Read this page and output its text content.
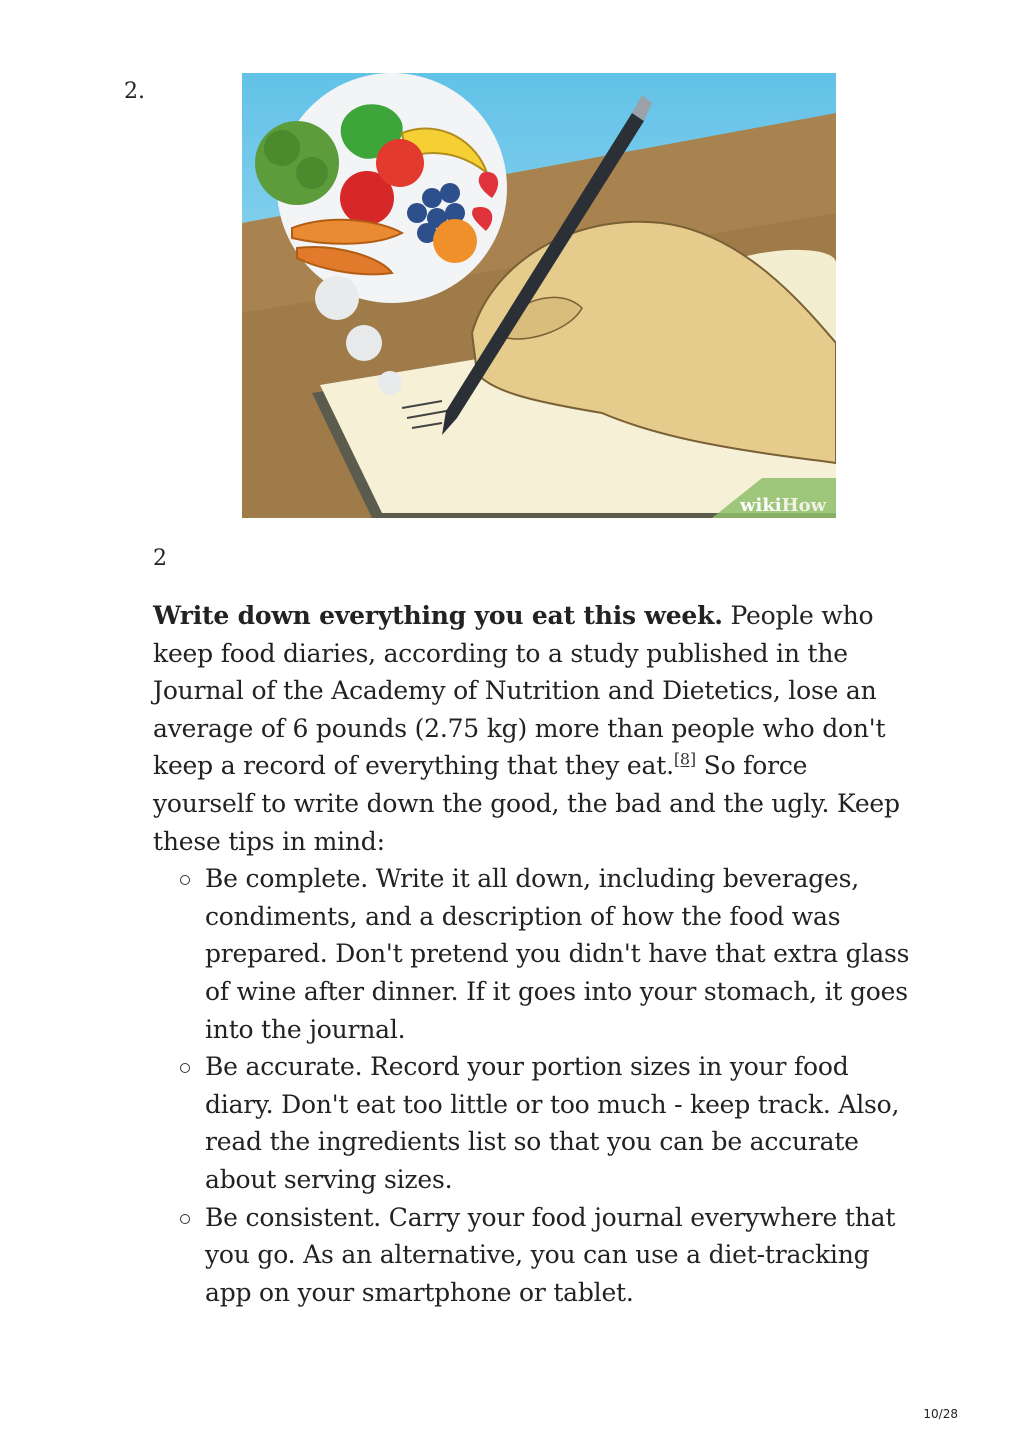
2.
wikiHow
2

Write down everything you eat this week. People who keep food diaries, according to a study published in the Journal of the Academy of Nutrition and Dietetics, lose an average of 6 pounds (2.75 kg) more than people who don't keep a record of everything that they eat.[8] So force yourself to write down the good, the bad and the ugly. Keep these tips in mind:

Be complete. Write it all down, including beverages, condiments, and a description of how the food was prepared. Don't pretend you didn't have that extra glass of wine after dinner. If it goes into your stomach, it goes into the journal.
Be accurate. Record your portion sizes in your food diary. Don't eat too little or too much - keep track. Also, read the ingredients list so that you can be accurate about serving sizes.
Be consistent. Carry your food journal everywhere that you go. As an alternative, you can use a diet-tracking app on your smartphone or tablet.
10/28
